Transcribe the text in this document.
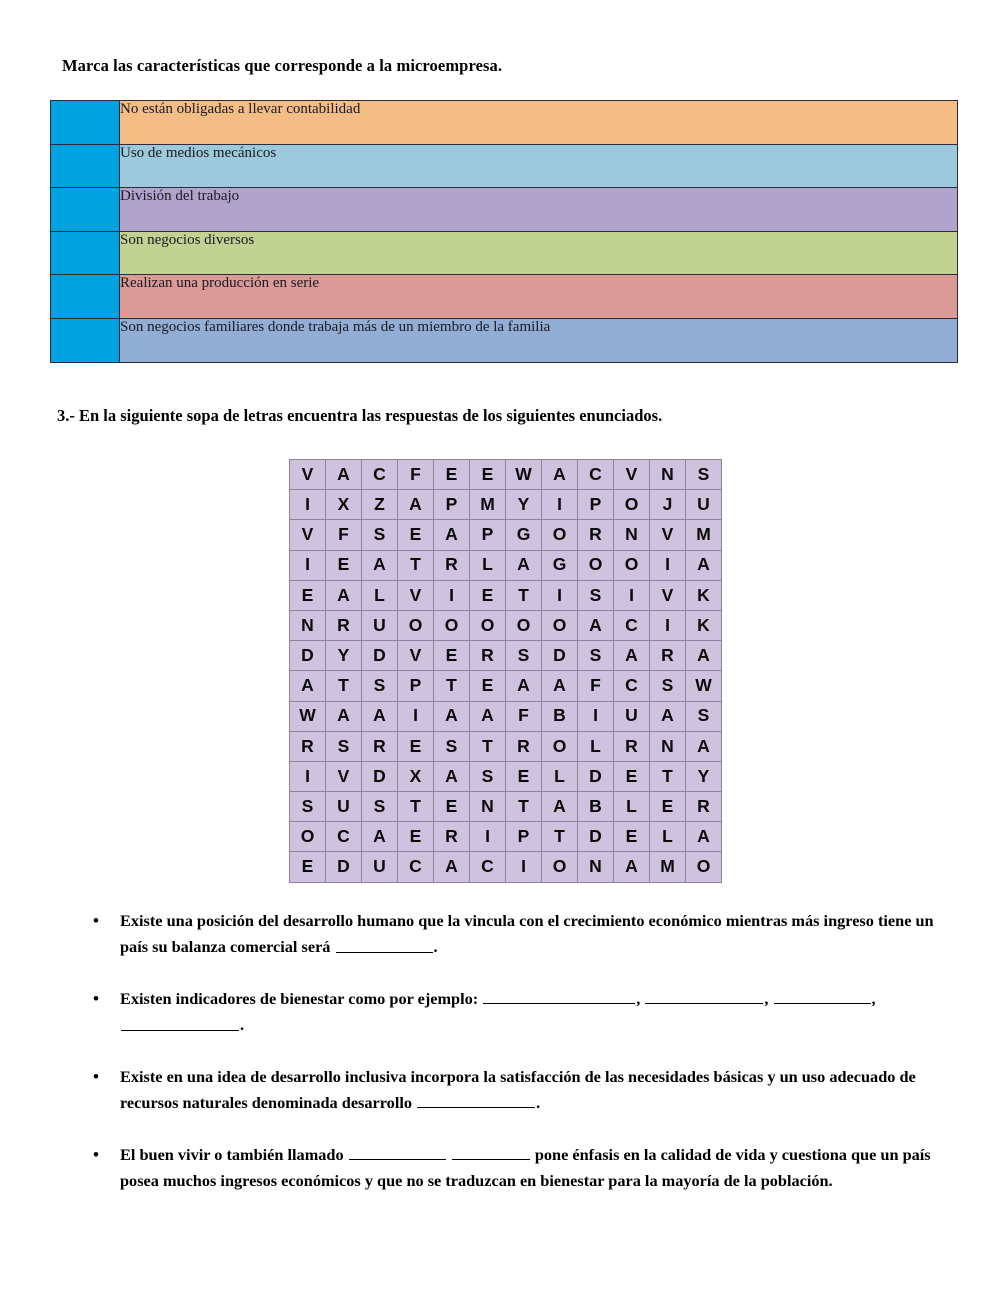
Marca las características que corresponde a la microempresa.
	No están obligadas a llevar contabilidad
	Uso de medios mecánicos
	División del trabajo
	Son negocios diversos
	Realizan una producción en serie
	Son negocios familiares donde trabaja más de un miembro de la familia
3.- En la siguiente sopa de letras encuentra las respuestas de los siguientes enunciados.
V	A	C	F	E	E	W	A	C	V	N	S
I	X	Z	A	P	M	Y	I	P	O	J	U
V	F	S	E	A	P	G	O	R	N	V	M
I	E	A	T	R	L	A	G	O	O	I	A
E	A	L	V	I	E	T	I	S	I	V	K
N	R	U	O	O	O	O	O	A	C	I	K
D	Y	D	V	E	R	S	D	S	A	R	A
A	T	S	P	T	E	A	A	F	C	S	W
W	A	A	I	A	A	F	B	I	U	A	S
R	S	R	E	S	T	R	O	L	R	N	A
I	V	D	X	A	S	E	L	D	E	T	Y
S	U	S	T	E	N	T	A	B	L	E	R
O	C	A	E	R	I	P	T	D	E	L	A
E	D	U	C	A	C	I	O	N	A	M	O
• Existe una posición del desarrollo humano que la vincula con el crecimiento económico mientras más ingreso tiene un país su balanza comercial será	.
• Existen indicadores de bienestar como por ejemplo:	,	,	, .
• Existe en una idea de desarrollo inclusiva incorpora la satisfacción de las necesidades básicas y un uso adecuado de recursos naturales denominada desarrollo	.
• El buen vivir o también llamado	pone énfasis en la calidad de vida y cuestiona que un país posea muchos ingresos económicos y que no se traduzcan en bienestar para la mayoría de la población.
